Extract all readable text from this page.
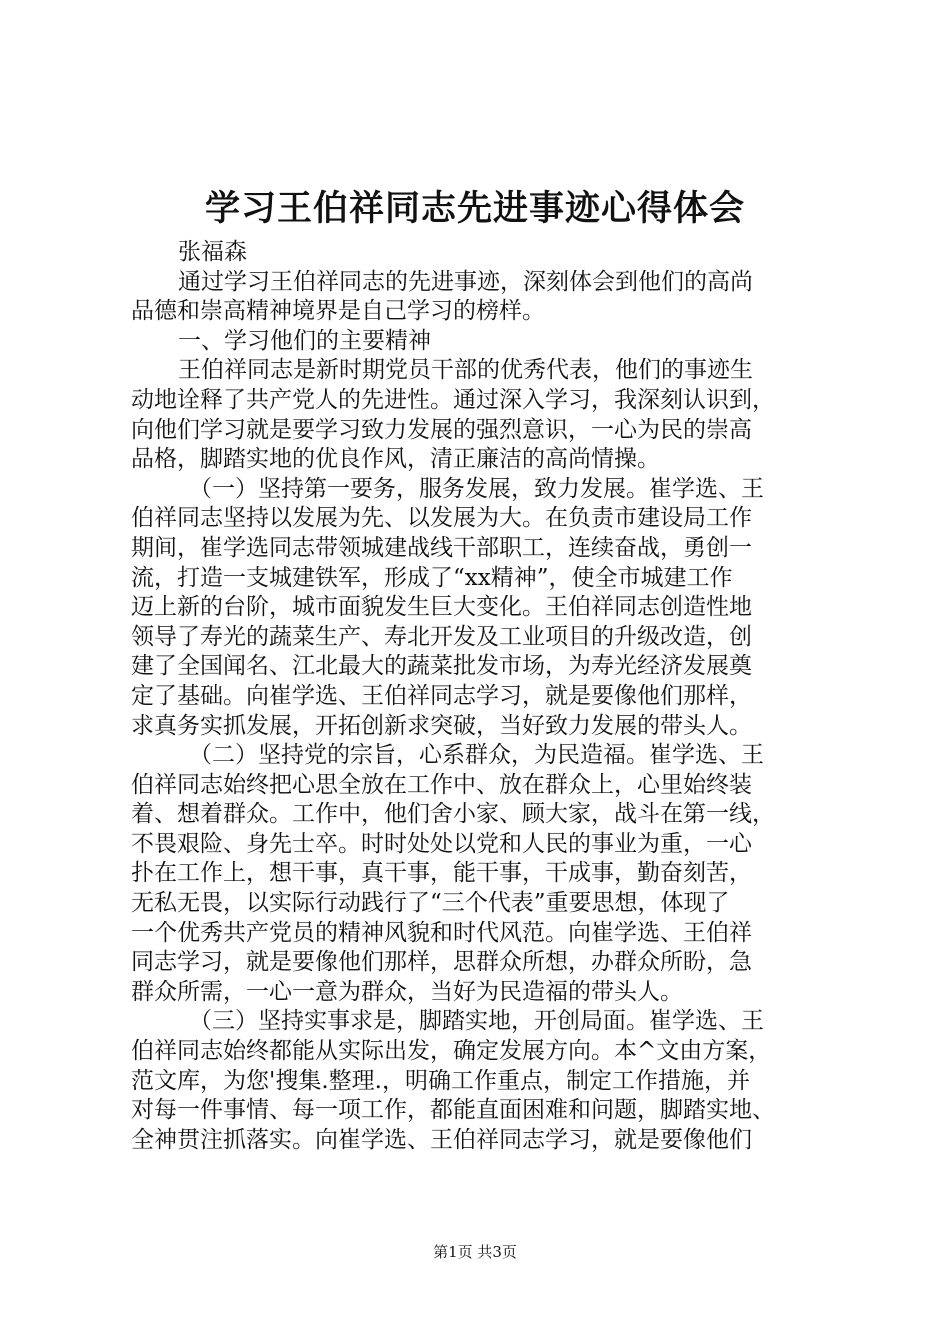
学习王伯祥同志先进事迹心得体会
张福森
通过学习王伯祥同志的先进事迹，深刻体会到他们的高尚
品德和崇高精神境界是自己学习的榜样。
一、学习他们的主要精神
王伯祥同志是新时期党员干部的优秀代表，他们的事迹生
动地诠释了共产党人的先进性。通过深入学习，我深刻认识到，
向他们学习就是要学习致力发展的强烈意识，一心为民的崇高
品格，脚踏实地的优良作风，清正廉洁的高尚情操。
（一）坚持第一要务，服务发展，致力发展。崔学选、王
伯祥同志坚持以发展为先、以发展为大。在负责市建设局工作
期间，崔学选同志带领城建战线干部职工，连续奋战，勇创一
流，打造一支城建铁军，形成了“xx精神”，使全市城建工作
迈上新的台阶，城市面貌发生巨大变化。王伯祥同志创造性地
领导了寿光的蔬菜生产、寿北开发及工业项目的升级改造，创
建了全国闻名、江北最大的蔬菜批发市场，为寿光经济发展奠
定了基础。向崔学选、王伯祥同志学习，就是要像他们那样，
求真务实抓发展，开拓创新求突破，当好致力发展的带头人。
（二）坚持党的宗旨，心系群众，为民造福。崔学选、王
伯祥同志始终把心思全放在工作中、放在群众上，心里始终装
着、想着群众。工作中，他们舍小家、顾大家，战斗在第一线，
不畏艰险、身先士卒。时时处处以党和人民的事业为重，一心
扑在工作上，想干事，真干事，能干事，干成事，勤奋刻苦，
无私无畏，以实际行动践行了“三个代表”重要思想，体现了
一个优秀共产党员的精神风貌和时代风范。向崔学选、王伯祥
同志学习，就是要像他们那样，思群众所想，办群众所盼，急
群众所需，一心一意为群众，当好为民造福的带头人。
（三）坚持实事求是，脚踏实地，开创局面。崔学选、王
伯祥同志始终都能从实际出发，确定发展方向。本^文由方案，
范文库，为您'搜集.整理.，明确工作重点，制定工作措施，并
对每一件事情、每一项工作，都能直面困难和问题，脚踏实地、
全神贯注抓落实。向崔学选、王伯祥同志学习，就是要像他们
第1页 共3页
